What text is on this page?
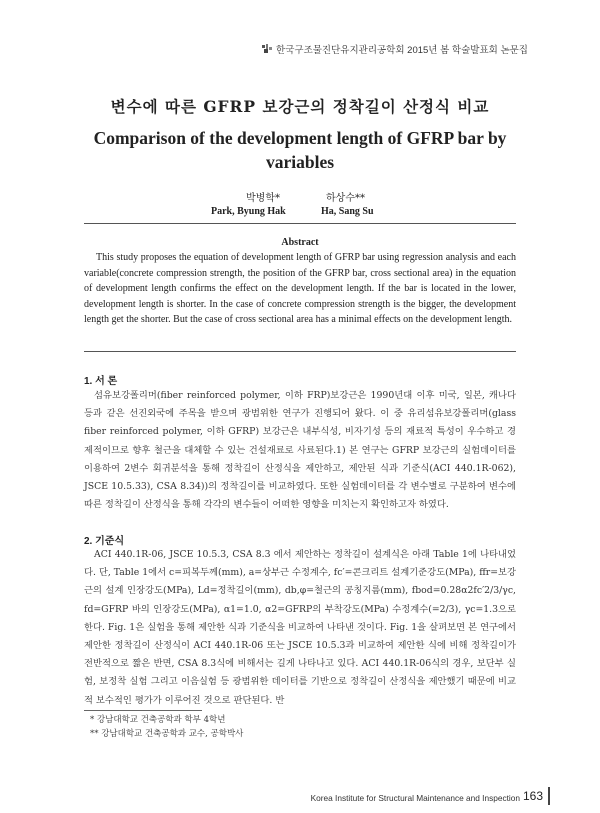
한국구조물진단유지관리공학회 2015년 봄 학술발표회 논문집
변수에 따른 GFRP 보강근의 정착길이 산정식 비교
Comparison of the development length of GFRP bar by variables
박병학*	하상수**
Park, Byung Hak	Ha, Sang Su
Abstract

This study proposes the equation of development length of GFRP bar using regression analysis and each variable(concrete compression strength, the position of the GFRP bar, cross sectional area) in the equation of development length confirms the effect on the development length. If the bar is located in the lower, development length is shorter. In the case of concrete compression strength is the bigger, the development length get the shorter. But the case of cross sectional area has a minimal effects on the development length.

1. 서 론

섬유보강폴리머(fiber reinforced polymer, 이하 FRP)보강근은 1990년대 이후 미국, 일본, 캐나다 등과 같은 선진외국에 주목을 받으며 광범위한 연구가 진행되어 왔다. 이 중 유리섬유보강폴리머(glass fiber reinforced polymer, 이하 GFRP) 보강근은 내부식성, 비자기성 등의 재료적 특성이 우수하고 경제적이므로 향후 철근을 대체할 수 있는 건설재료로 사료된다.1) 본 연구는 GFRP 보강근의 실험데이터를 이용하여 2변수 회귀분석을 통해 정착길이 산정식을 제안하고, 제안된 식과 기준식(ACI 440.1R-062), JSCE 10.5.33), CSA 8.34))의 정착길이를 비교하였다. 또한 실험데이터를 각 변수별로 구분하여 변수에 따른 정착길이 산정식을 통해 각각의 변수들이 어떠한 영향을 미치는지 확인하고자 하였다.

2. 기준식

ACI 440.1R-06, JSCE 10.5.3, CSA 8.3 에서 제안하는 정착길이 설계식은 아래 Table 1에 나타내었다. 단, Table 1에서 c=피복두께(mm), a=상부근 수정계수, fc′=콘크리트 설계기준강도(MPa), ffr=보강근의 설계 인장강도(MPa), Ld=정착길이(mm), db,φ=철근의 공칭지름(mm), fbod=0.28α2fc′2/3/γc, fd=GFRP 바의 인장강도(MPa), α1=1.0, α2=GFRP의 부착강도(MPa) 수정계수(=2/3), γc=1.3으로 한다. Fig. 1은 실험을 통해 제안한 식과 기준식을 비교하여 나타낸 것이다. Fig. 1을 살펴보면 본 연구에서 제안한 정착길이 산정식이 ACI 440.1R-06 또는 JSCE 10.5.3과 비교하여 제안한 식에 비해 정착길이가 전반적으로 짧은 반면, CSA 8.3식에 비해서는 길게 나타나고 있다. ACI 440.1R-06식의 경우, 보단부 실험, 보정착 실험 그리고 이음실험 등 광범위한 데이터를 기반으로 정착길이 산정식을 제안했기 때문에 비교적 보수적인 평가가 이루어진 것으로 판단된다. 반

* 강남대학교 건축공학과 학부 4학년
** 강남대학교 건축공학과 교수, 공학박사
Korea Institute for Structural Maintenance and Inspection 163
